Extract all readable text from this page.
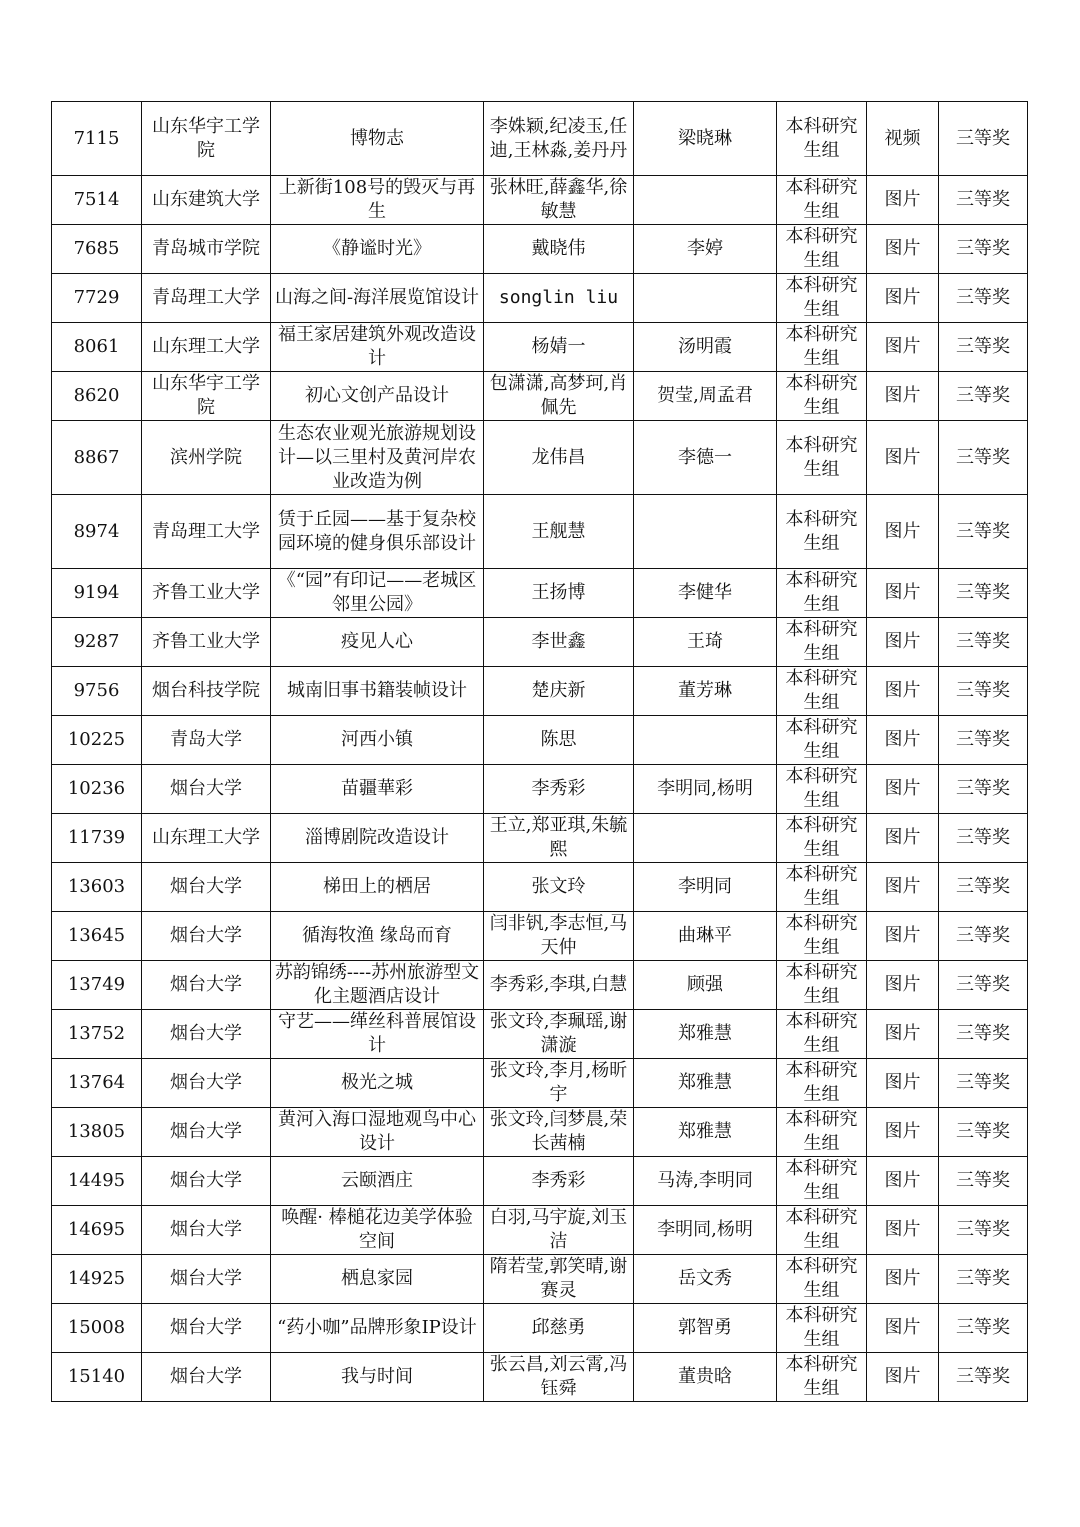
7115	山东华宇工学院	博物志	李姝颖,纪凌玉,任迪,王林淼,姜丹丹	梁晓琳	本科研究生组	视频	三等奖
7514	山东建筑大学	上新街108号的毁灭与再生	张林旺,薛鑫华,徐敏慧		本科研究生组	图片	三等奖
7685	青岛城市学院	《静谧时光》	戴晓伟	李婷	本科研究生组	图片	三等奖
7729	青岛理工大学	山海之间-海洋展览馆设计	songlin liu		本科研究生组	图片	三等奖
8061	山东理工大学	福王家居建筑外观改造设计	杨婧一	汤明霞	本科研究生组	图片	三等奖
8620	山东华宇工学院	初心文创产品设计	包潇潇,高梦珂,肖佩先	贺莹,周孟君	本科研究生组	图片	三等奖
8867	滨州学院	生态农业观光旅游规划设计—以三里村及黄河岸农业改造为例	龙伟昌	李德一	本科研究生组	图片	三等奖
8974	青岛理工大学	赁于丘园——基于复杂校园环境的健身俱乐部设计	王舰慧		本科研究生组	图片	三等奖
9194	齐鲁工业大学	《“园”有印记——老城区邻里公园》	王扬博	李健华	本科研究生组	图片	三等奖
9287	齐鲁工业大学	疫见人心	李世鑫	王琦	本科研究生组	图片	三等奖
9756	烟台科技学院	城南旧事书籍装帧设计	楚庆新	董芳琳	本科研究生组	图片	三等奖
10225	青岛大学	河西小镇	陈思		本科研究生组	图片	三等奖
10236	烟台大学	苗疆華彩	李秀彩	李明同,杨明	本科研究生组	图片	三等奖
11739	山东理工大学	淄博剧院改造设计	王立,郑亚琪,朱毓熙		本科研究生组	图片	三等奖
13603	烟台大学	梯田上的栖居	张文玲	李明同	本科研究生组	图片	三等奖
13645	烟台大学	循海牧渔 缘岛而育	闫非钒,李志恒,马天仲	曲琳平	本科研究生组	图片	三等奖
13749	烟台大学	苏韵锦绣----苏州旅游型文化主题酒店设计	李秀彩,李琪,白慧	顾强	本科研究生组	图片	三等奖
13752	烟台大学	守艺——缂丝科普展馆设计	张文玲,李珮瑶,谢潇漩	郑雅慧	本科研究生组	图片	三等奖
13764	烟台大学	极光之城	张文玲,李月,杨昕宇	郑雅慧	本科研究生组	图片	三等奖
13805	烟台大学	黄河入海口湿地观鸟中心设计	张文玲,闫梦晨,荣长茜楠	郑雅慧	本科研究生组	图片	三等奖
14495	烟台大学	云颐酒庄	李秀彩	马涛,李明同	本科研究生组	图片	三等奖
14695	烟台大学	唤醒· 棒槌花边美学体验空间	白羽,马宇旋,刘玉洁	李明同,杨明	本科研究生组	图片	三等奖
14925	烟台大学	栖息家园	隋若莹,郭笑晴,谢赛灵	岳文秀	本科研究生组	图片	三等奖
15008	烟台大学	“药小咖”品牌形象IP设计	邱慈勇	郭智勇	本科研究生组	图片	三等奖
15140	烟台大学	我与时间	张云昌,刘云霄,冯钰舜	董贵晗	本科研究生组	图片	三等奖
